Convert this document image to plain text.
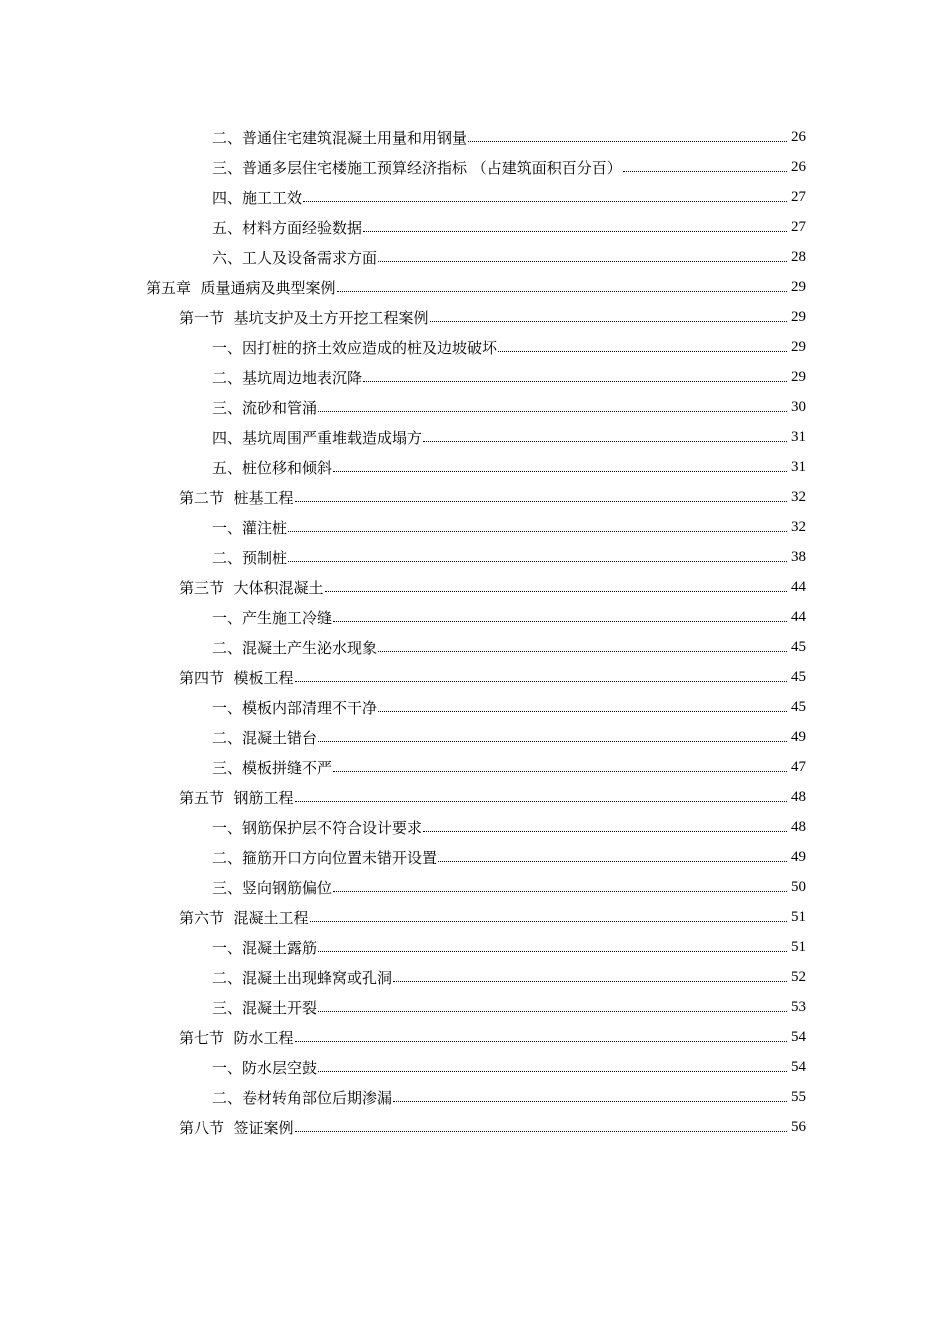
二、普通住宅建筑混凝土用量和用钢量	26
三、普通多层住宅楼施工预算经济指标 （占建筑面积百分百）	26
四、施工工效	27
五、材料方面经验数据	27
六、工人及设备需求方面	28
第五章  质量通病及典型案例	29
第一节  基坑支护及土方开挖工程案例	29
一、因打桩的挤土效应造成的桩及边坡破坏	29
二、基坑周边地表沉降	29
三、流砂和管涌	30
四、基坑周围严重堆载造成塌方	31
五、桩位移和倾斜	31
第二节  桩基工程	32
一、灌注桩	32
二、预制桩	38
第三节  大体积混凝土	44
一、产生施工冷缝	44
二、混凝土产生泌水现象	45
第四节  模板工程	45
一、模板内部清理不干净	45
二、混凝土错台	49
三、模板拼缝不严	47
第五节  钢筋工程	48
一、钢筋保护层不符合设计要求	48
二、箍筋开口方向位置未错开设置	49
三、竖向钢筋偏位	50
第六节  混凝土工程	51
一、混凝土露筋	51
二、混凝土出现蜂窝或孔洞	52
三、混凝土开裂	53
第七节  防水工程	54
一、防水层空鼓	54
二、卷材转角部位后期渗漏	55
第八节  签证案例	56
